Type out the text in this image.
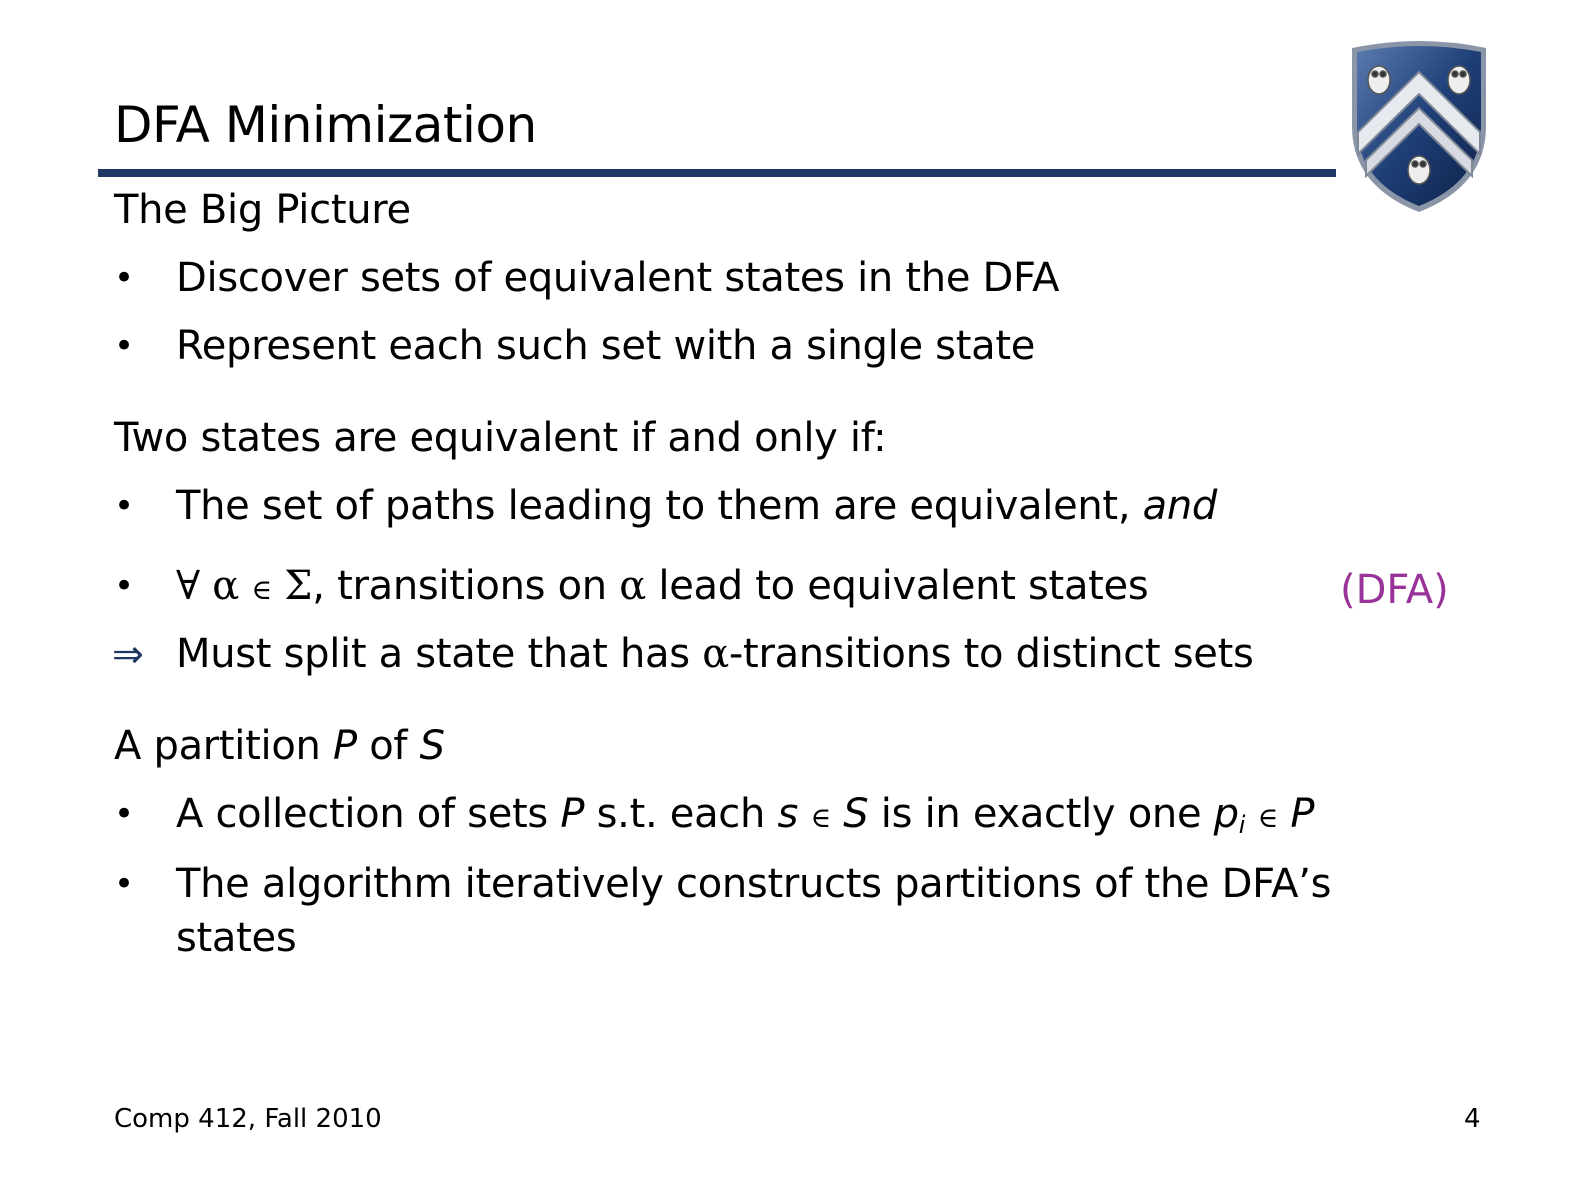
DFA Minimization
The Big Picture
• Discover sets of equivalent states in the DFA
• Represent each such set with a single state
Two states are equivalent if and only if:
• The set of paths leading to them are equivalent, and
• ∀ α ∈ Σ, transitions on α lead to equivalent states	(DFA)
⇒ Must split a state that has α-transitions to distinct sets
A partition P of S
• A collection of sets P s.t. each s ∈ S is in exactly one $p_i$ ∈ P
• The algorithm iteratively constructs partitions of the DFA’s
states
Comp 412, Fall 2010	4
